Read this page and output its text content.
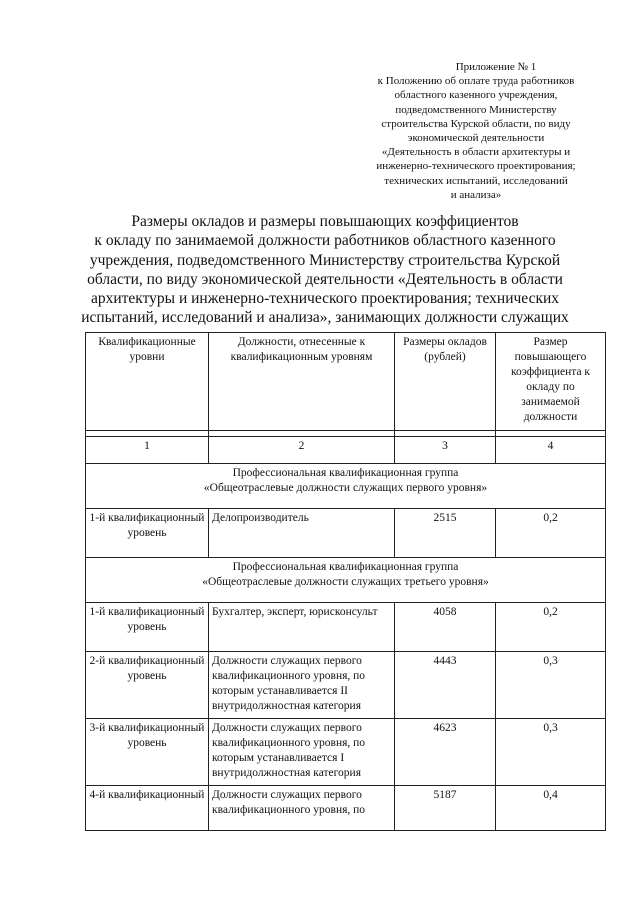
Приложение № 1
к Положению об оплате труда работников
областного казенного учреждения,
подведомственного Министерству
строительства Курской области, по виду
экономической деятельности
«Деятельность в области архитектуры и
инженерно-технического проектирования;
технических испытаний, исследований
и анализа»
Размеры окладов и размеры повышающих коэффициентов
к окладу по занимаемой должности работников областного казенного
учреждения, подведомственного Министерству строительства Курской
области, по виду экономической деятельности «Деятельность в области
архитектуры и инженерно-технического проектирования; технических
испытаний, исследований и анализа», занимающих должности служащих
Квалификационные уровни	Должности, отнесенные к квалификационным уровням	Размеры окладов (рублей)	Размер повышающего коэффициента к окладу по занимаемой должности

1	2	3	4

Профессиональная квалификационная группа
«Общеотраслевые должности служащих первого уровня»			

1-й квалификационный уровень	Делопроизводитель	2515	0,2

Профессиональная квалификационная группа
«Общеотраслевые должности служащих третьего уровня»			

1-й квалификационный уровень	Бухгалтер, эксперт, юрисконсульт	4058	0,2
2-й квалификационный уровень	Должности служащих первого квалификационного уровня, по которым устанавливается II внутридолжностная категория	4443	0,3
3-й квалификационный уровень	Должности служащих первого квалификационного уровня, по которым устанавливается I внутридолжностная категория	4623	0,3
4-й квалификационный	Должности служащих первого квалификационного уровня, по	5187	0,4
